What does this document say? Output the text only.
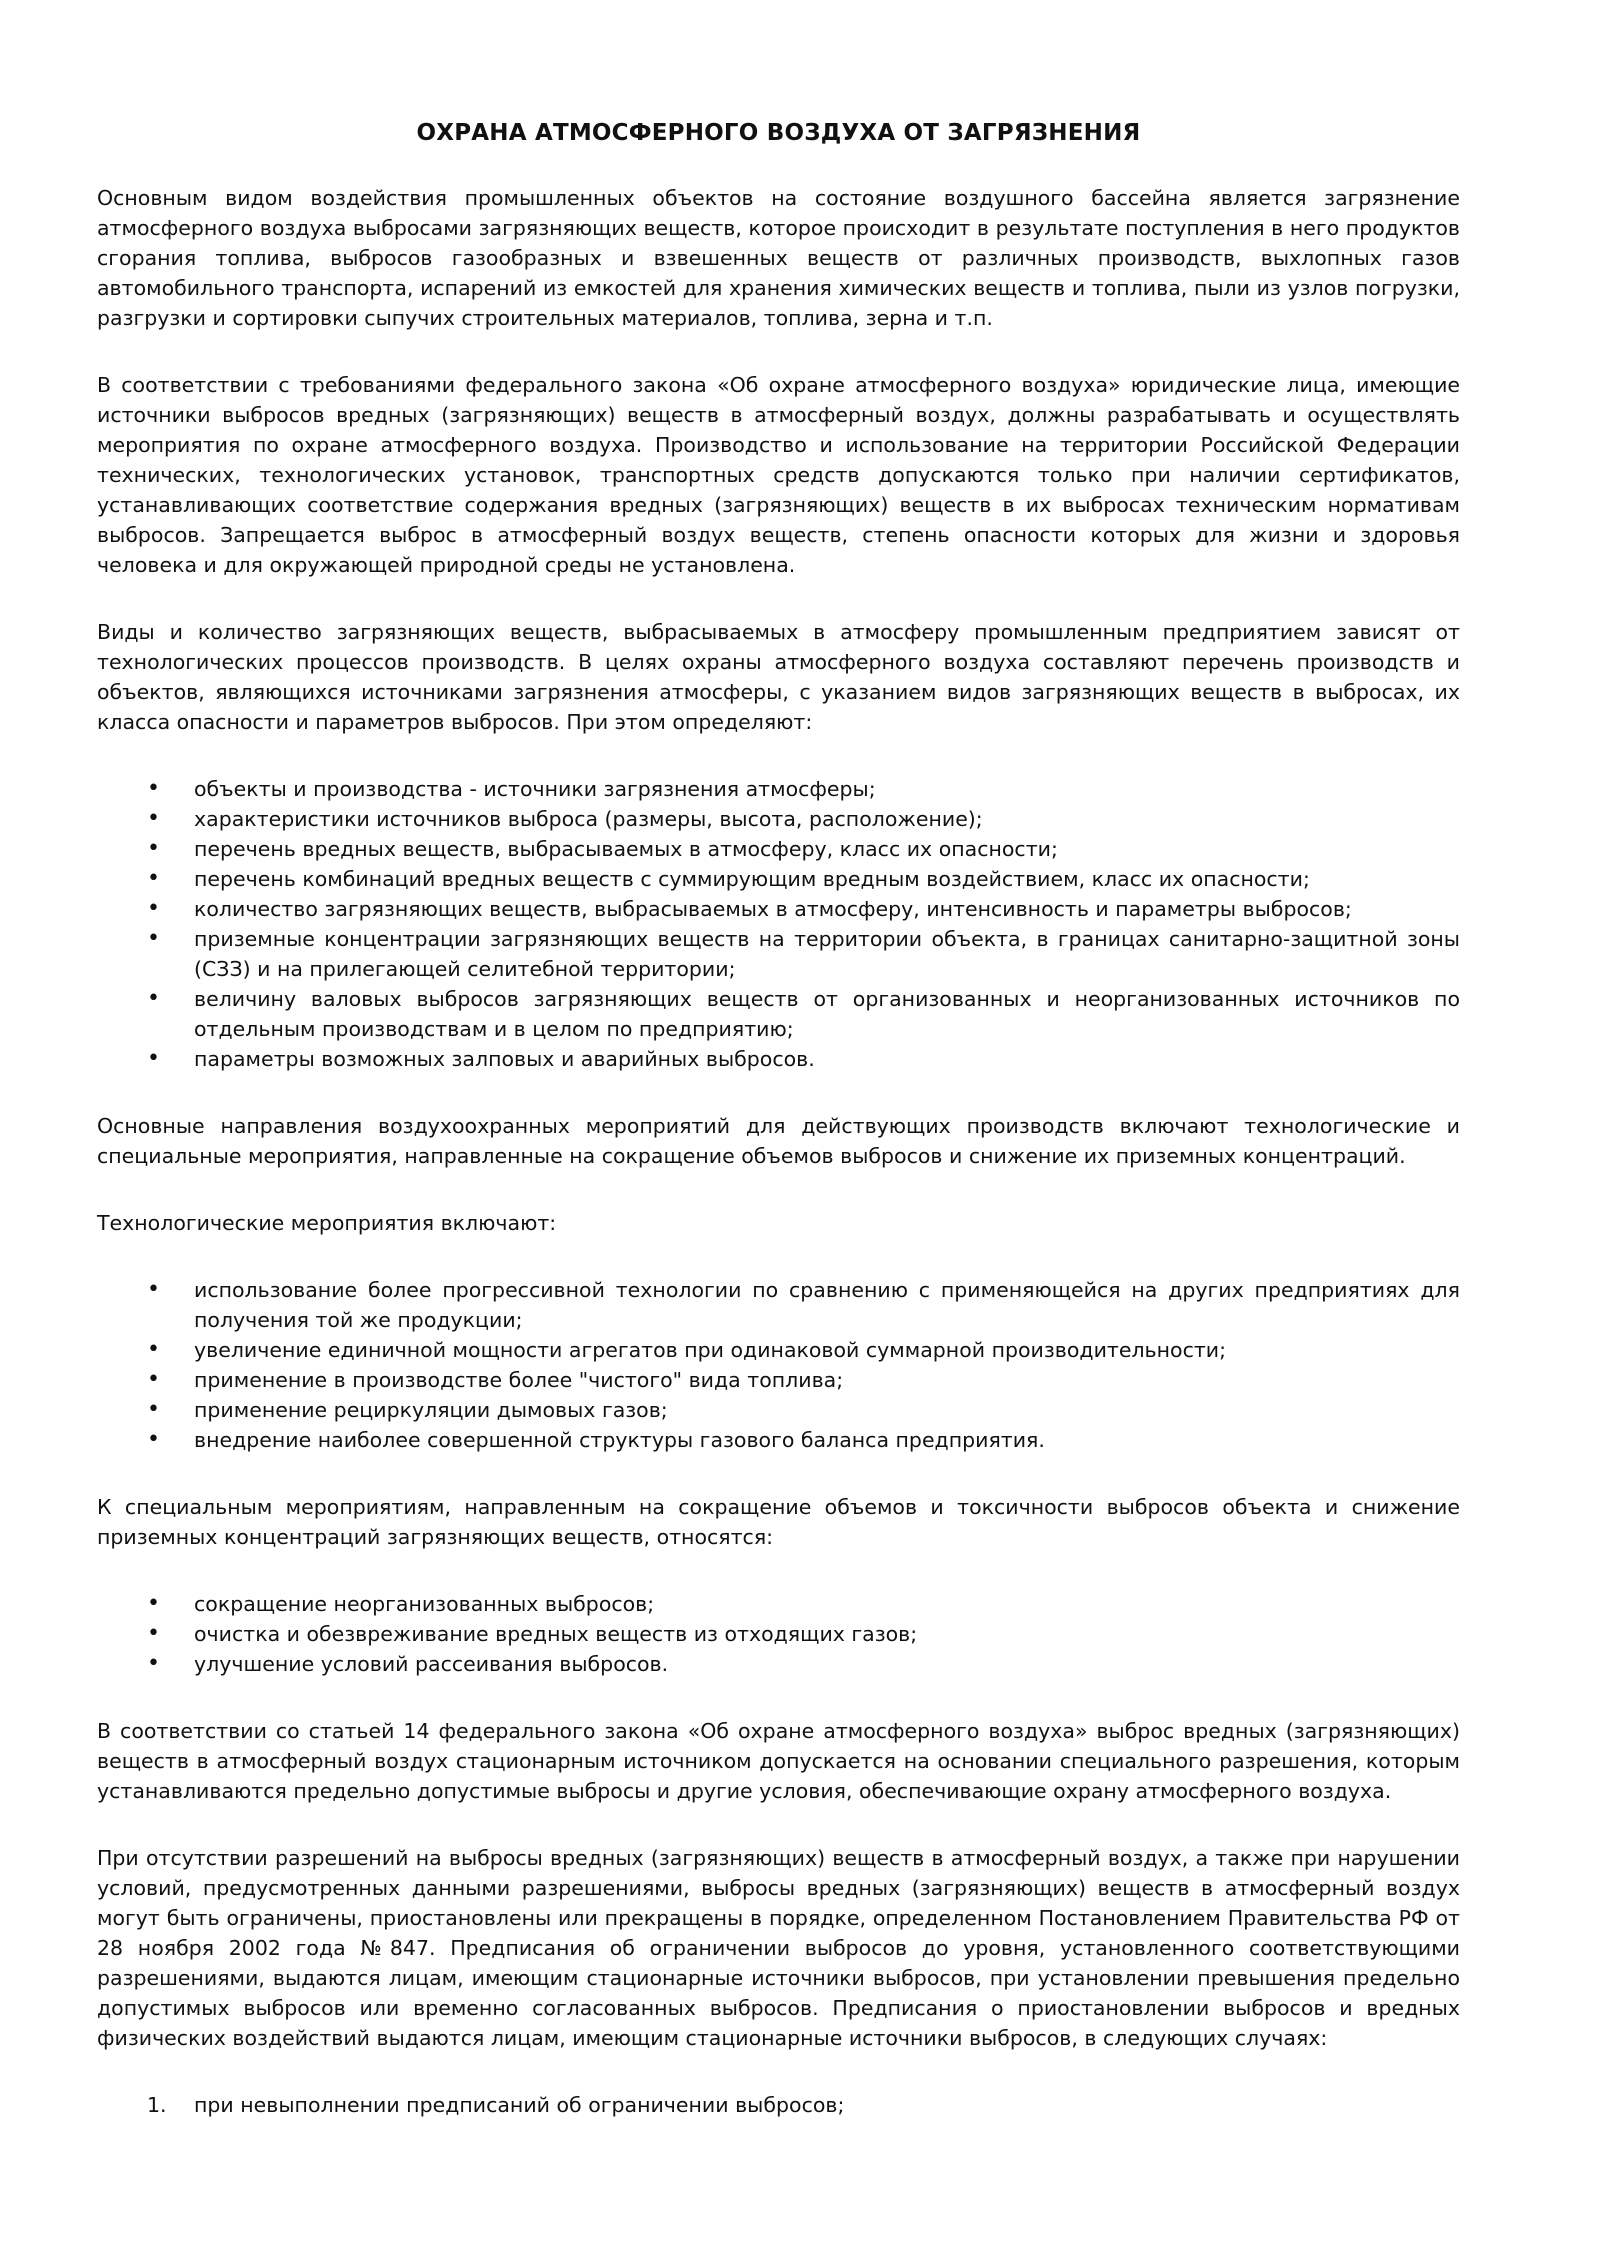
ОХРАНА АТМОСФЕРНОГО ВОЗДУХА ОТ ЗАГРЯЗНЕНИЯ
Основным видом воздействия промышленных объектов на состояние воздушного бассейна является загрязнение атмосферного воздуха выбросами загрязняющих веществ, которое происходит в результате поступления в него продуктов сгорания топлива, выбросов газообразных и взвешенных веществ от различных производств, выхлопных газов автомобильного транспорта, испарений из емкостей для хранения химических веществ и топлива, пыли из узлов погрузки, разгрузки и сортировки сыпучих строительных материалов, топлива, зерна и т.п.
В соответствии с требованиями федерального закона «Об охране атмосферного воздуха» юридические лица, имеющие источники выбросов вредных (загрязняющих) веществ в атмосферный воздух, должны разрабатывать и осуществлять мероприятия по охране атмосферного воздуха. Производство и использование на территории Российской Федерации технических, технологических установок, транспортных средств допускаются только при наличии сертификатов, устанавливающих соответствие содержания вредных (загрязняющих) веществ в их выбросах техническим нормативам выбросов. Запрещается выброс в атмосферный воздух веществ, степень опасности которых для жизни и здоровья человека и для окружающей природной среды не установлена.
Виды и количество загрязняющих веществ, выбрасываемых в атмосферу промышленным предприятием зависят от технологических процессов производств. В целях охраны атмосферного воздуха составляют перечень производств и объектов, являющихся источниками загрязнения атмосферы, с указанием видов загрязняющих веществ в выбросах, их класса опасности и параметров выбросов. При этом определяют:
•	объекты и производства - источники загрязнения атмосферы;
•	характеристики источников выброса (размеры, высота, расположение);
•	перечень вредных веществ, выбрасываемых в атмосферу, класс их опасности;
•	перечень комбинаций вредных веществ с суммирующим вредным воздействием, класс их опасности;
•	количество загрязняющих веществ, выбрасываемых в атмосферу, интенсивность и параметры выбросов;
•	приземные концентрации загрязняющих веществ на территории объекта, в границах санитарно-защитной зоны (СЗЗ) и на прилегающей селитебной территории;
•	величину валовых выбросов загрязняющих веществ от организованных и неорганизованных источников по отдельным производствам и в целом по предприятию;
•	параметры возможных залповых и аварийных выбросов.
Основные направления воздухоохранных мероприятий для действующих производств включают технологические и специальные мероприятия, направленные на сокращение объемов выбросов и снижение их приземных концентраций.
Технологические мероприятия включают:
•	использование более прогрессивной технологии по сравнению с применяющейся на других предприятиях для получения той же продукции;
•	увеличение единичной мощности агрегатов при одинаковой суммарной производительности;
•	применение в производстве более "чистого" вида топлива;
•	применение рециркуляции дымовых газов;
•	внедрение наиболее совершенной структуры газового баланса предприятия.
К специальным мероприятиям, направленным на сокращение объемов и токсичности выбросов объекта и снижение приземных концентраций загрязняющих веществ, относятся:
•	сокращение неорганизованных выбросов;
•	очистка и обезвреживание вредных веществ из отходящих газов;
•	улучшение условий рассеивания выбросов.
В соответствии со статьей 14 федерального закона «Об охране атмосферного воздуха» выброс вредных (загрязняющих) веществ в атмосферный воздух стационарным источником допускается на основании специального разрешения, которым устанавливаются предельно допустимые выбросы и другие условия, обеспечивающие охрану атмосферного воздуха.
При отсутствии разрешений на выбросы вредных (загрязняющих) веществ в атмосферный воздух, а также при нарушении условий, предусмотренных данными разрешениями, выбросы вредных (загрязняющих) веществ в атмосферный воздух могут быть ограничены, приостановлены или прекращены в порядке, определенном Постановлением Правительства РФ от 28 ноября 2002 года №847. Предписания об ограничении выбросов до уровня, установленного соответствующими разрешениями, выдаются лицам, имеющим стационарные источники выбросов, при установлении превышения предельно допустимых выбросов или временно согласованных выбросов. Предписания о приостановлении выбросов и вредных физических воздействий выдаются лицам, имеющим стационарные источники выбросов, в следующих случаях:
1.	при невыполнении предписаний об ограничении выбросов;
